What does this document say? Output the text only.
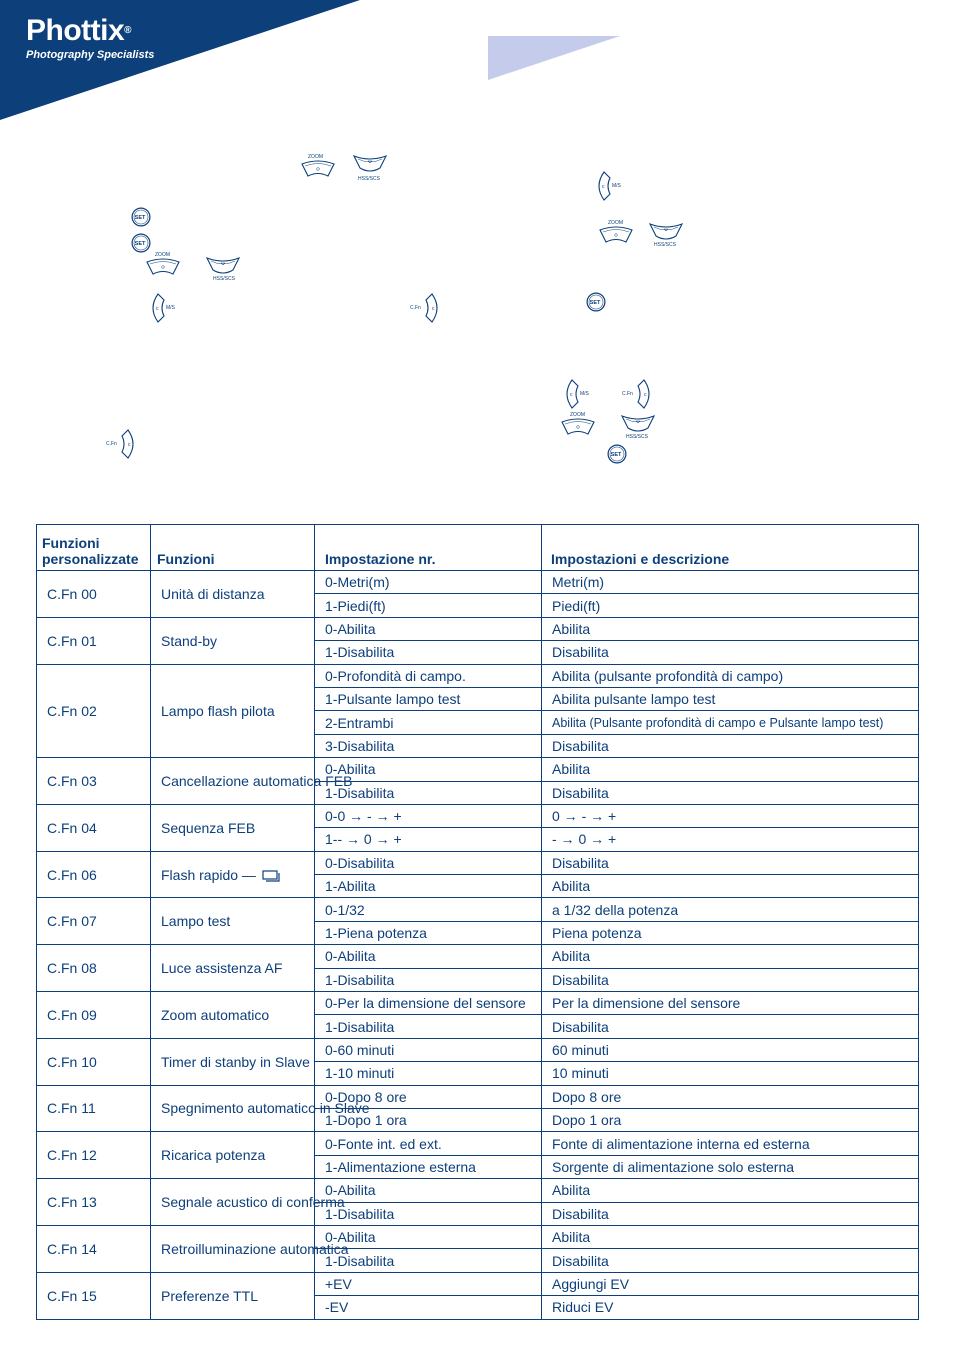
Phottix®
Photography Specialists
ZOOM
HSS/SCS
SET
SET
ZOOM
HSS/SCS
M/S	C.Fn
C.Fn
M/S
ZOOM
HSS/SCS
SET
M/S	C.Fn
ZOOM
HSS/SCS
SET
Funzioni personalizzate	Funzioni	Impostazione nr.	Impostazioni e descrizione
C.Fn 00	Unità di distanza	0-Metri(m)	Metri(m)
		1-Piedi(ft)	Piedi(ft)
C.Fn 01	Stand-by	0-Abilita	Abilita
		1-Disabilita	Disabilita
C.Fn 02	Lampo flash pilota	0-Profondità di campo.	Abilita (pulsante profondità di campo)
		1-Pulsante lampo test	Abilita pulsante lampo test
		2-Entrambi	Abilita (Pulsante profondità di campo e Pulsante lampo test)
		3-Disabilita	Disabilita
C.Fn 03	Cancellazione automatica FEB	0-Abilita	Abilita
		1-Disabilita	Disabilita
C.Fn 04	Sequenza FEB	0-0 → - → +	0 → - → +
		1-- → 0 → +	- → 0 → +
C.Fn 06	Flash rapido —	0-Disabilita	Disabilita
		1-Abilita	Abilita
C.Fn 07	Lampo test	0-1/32	a 1/32 della potenza
		1-Piena potenza	Piena potenza
C.Fn 08	Luce assistenza AF	0-Abilita	Abilita
		1-Disabilita	Disabilita
C.Fn 09	Zoom automatico	0-Per la dimensione del sensore	Per la dimensione del sensore
		1-Disabilita	Disabilita
C.Fn 10	Timer di stanby in Slave	0-60 minuti	60 minuti
		1-10 minuti	10 minuti
C.Fn 11	Spegnimento automatico in Slave	0-Dopo 8 ore	Dopo 8 ore
		1-Dopo 1 ora	Dopo 1 ora
C.Fn 12	Ricarica potenza	0-Fonte int. ed ext.	Fonte di alimentazione interna ed esterna
		1-Alimentazione esterna	Sorgente di alimentazione solo esterna
C.Fn 13	Segnale acustico di conferma	0-Abilita	Abilita
		1-Disabilita	Disabilita
C.Fn 14	Retroilluminazione automatica	0-Abilita	Abilita
		1-Disabilita	Disabilita
C.Fn 15	Preferenze TTL	+EV	Aggiungi EV
		-EV	Riduci EV
